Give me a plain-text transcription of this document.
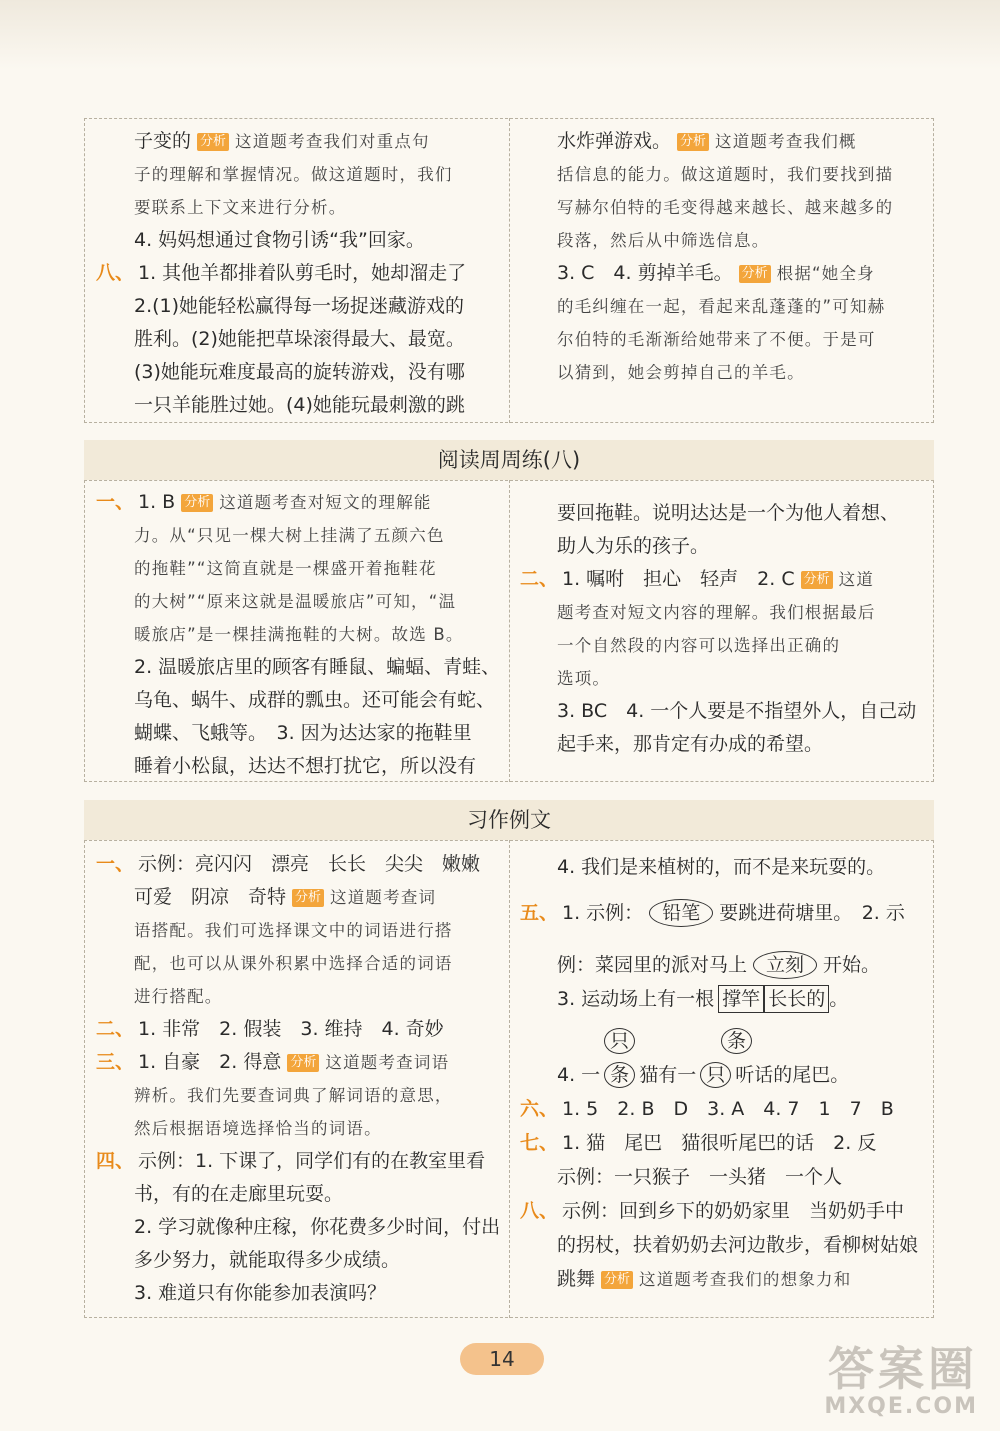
子变的 分析 这道题考查我们对重点句

子的理解和掌握情况。做这道题时，我们

要联系上下文来进行分析。

4. 妈妈想通过食物引诱“我”回家。

八、 1. 其他羊都排着队剪毛时，她却溜走了

2.(1)她能轻松赢得每一场捉迷藏游戏的

胜利。(2)她能把草垛滚得最大、最宽。

(3)她能玩难度最高的旋转游戏，没有哪

一只羊能胜过她。(4)她能玩最刺激的跳

水炸弹游戏。 分析 这道题考查我们概

括信息的能力。做这道题时，我们要找到描

写赫尔伯特的毛变得越来越长、越来越多的

段落，然后从中筛选信息。

3. C　4. 剪掉羊毛。 分析 根据“她全身

的毛纠缠在一起，看起来乱蓬蓬的”可知赫

尔伯特的毛渐渐给她带来了不便。于是可

以猜到，她会剪掉自己的羊毛。

阅读周周练(八)

一、 1. B 分析 这道题考查对短文的理解能

力。从“只见一棵大树上挂满了五颜六色

的拖鞋”“这简直就是一棵盛开着拖鞋花

的大树”“原来这就是温暖旅店”可知，“温

暖旅店”是一棵挂满拖鞋的大树。故选 B。

2. 温暖旅店里的顾客有睡鼠、蝙蝠、青蛙、

乌龟、蜗牛、成群的瓢虫。还可能会有蛇、

蝴蝶、飞蛾等。　3. 因为达达家的拖鞋里

睡着小松鼠，达达不想打扰它，所以没有

要回拖鞋。说明达达是一个为他人着想、

助人为乐的孩子。

二、 1. 嘱咐　担心　轻声　2. C 分析 这道

题考查对短文内容的理解。我们根据最后

一个自然段的内容可以选择出正确的

选项。

3. BC　4. 一个人要是不指望外人，自己动

起手来，那肯定有办成的希望。

习作例文

一、 示例：亮闪闪　漂亮　长长　尖尖　嫩嫩

可爱　阴凉　奇特 分析 这道题考查词

语搭配。我们可选择课文中的词语进行搭

配，也可以从课外积累中选择合适的词语

进行搭配。

二、 1. 非常　2. 假装　3. 维持　4. 奇妙

三、 1. 自豪　2. 得意 分析 这道题考查词语

辨析。我们先要查词典了解词语的意思，

然后根据语境选择恰当的词语。

四、 示例：1. 下课了，同学们有的在教室里看

书，有的在走廊里玩耍。

2. 学习就像种庄稼，你花费多少时间，付出

多少努力，就能取得多少成绩。

3. 难道只有你能参加表演吗？

4. 我们是来植树的，而不是来玩耍的。

五、 1. 示例： 铅笔 要跳进荷塘里。　2. 示

例：菜园里的派对马上 立刻 开始。

3. 运动场上有一根 撑竿 长长的 。

只	条

4. 一 条 猫有一 只 听话的尾巴。

六、 1. 5　2. B　D　3. A　4. 7　1　7　B

七、 1. 猫　尾巴　猫很听尾巴的话　2. 反

示例：一只猴子　一头猪　一个人

八、 示例：回到乡下的奶奶家里　当奶奶手中

的拐杖，扶着奶奶去河边散步，看柳树姑娘

跳舞 分析 这道题考查我们的想象力和

14	答案圈
MXQE.COM
